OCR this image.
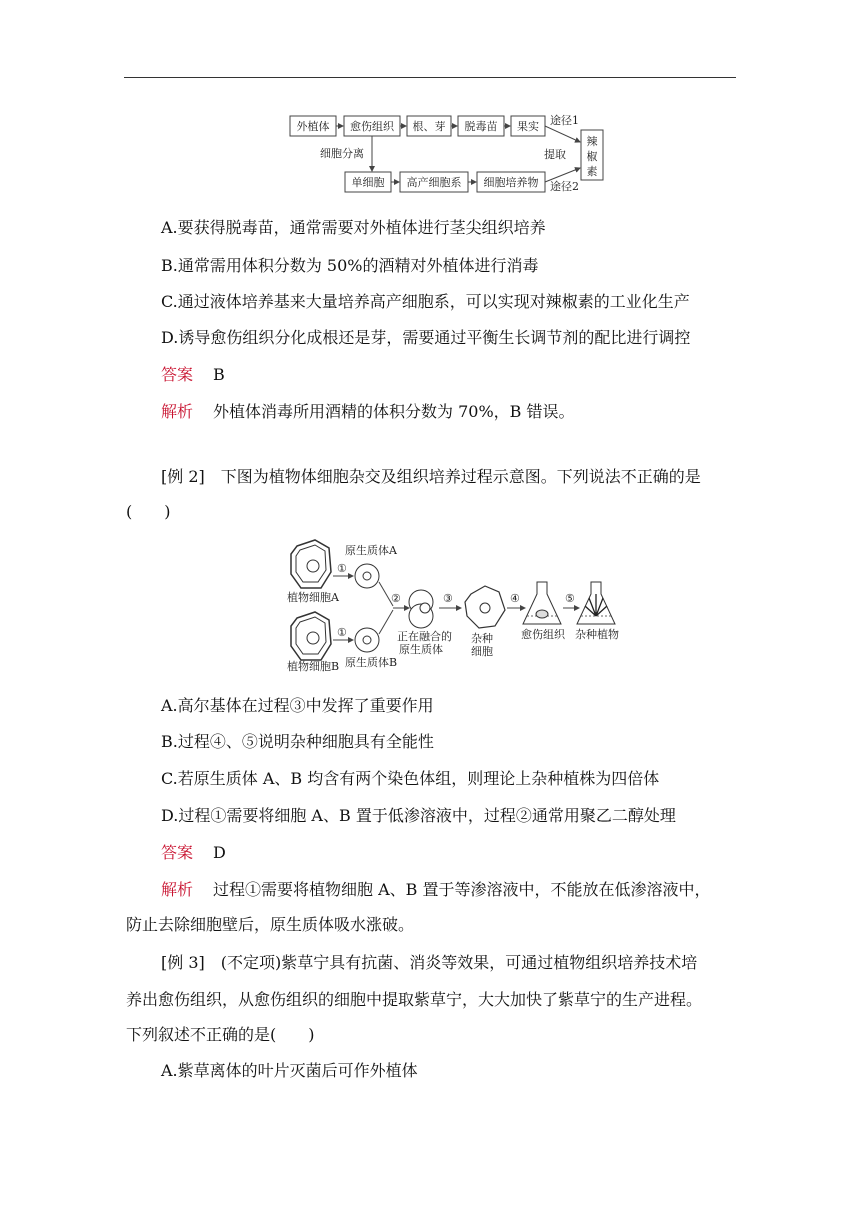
外植体 愈伤组织 根、芽 脱毒苗 果实
单细胞 高产细胞系 细胞培养物
辣
椒
素
途径1
细胞分离	提取
途径2
A.要获得脱毒苗，通常需要对外植体进行茎尖组织培养
B.通常需用体积分数为 50%的酒精对外植体进行消毒
C.通过液体培养基来大量培养高产细胞系，可以实现对辣椒素的工业化生产
D.诱导愈伤组织分化成根还是芽，需要通过平衡生长调节剂的配比进行调控
答案 B
解析 外植体消毒所用酒精的体积分数为 70%，B 错误。
[例 2]　下图为植物体细胞杂交及组织培养过程示意图。下列说法不正确的是
(　　)
植物细胞A
植物细胞B
①
①
原生质体A
原生质体B
②
正在融合的
原生质体
③
杂种
细胞
④
愈伤组织
⑤
杂种植物
A.高尔基体在过程③中发挥了重要作用
B.过程④、⑤说明杂种细胞具有全能性
C.若原生质体 A、B 均含有两个染色体组，则理论上杂种植株为四倍体
D.过程①需要将细胞 A、B 置于低渗溶液中，过程②通常用聚乙二醇处理
答案 D
解析 过程①需要将植物细胞 A、B 置于等渗溶液中，不能放在低渗溶液中，
防止去除细胞壁后，原生质体吸水涨破。
[例 3]　(不定项)紫草宁具有抗菌、消炎等效果，可通过植物组织培养技术培
养出愈伤组织，从愈伤组织的细胞中提取紫草宁，大大加快了紫草宁的生产进程。
下列叙述不正确的是(　　)
A.紫草离体的叶片灭菌后可作外植体
